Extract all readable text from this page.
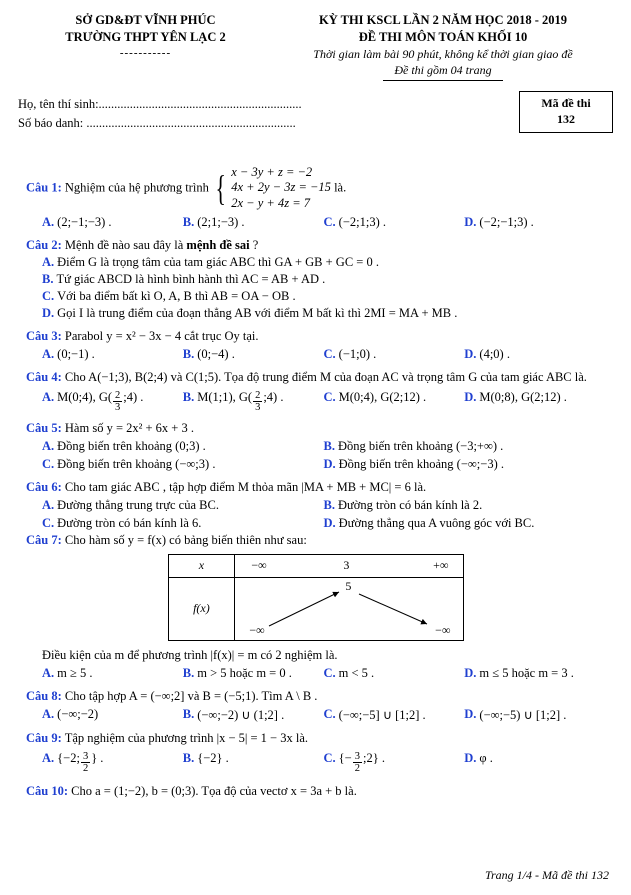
SỞ GD&ĐT VĨNH PHÚC
TRƯỜNG THPT YÊN LẠC 2
-----------
KỲ THI KSCL LẦN 2 NĂM HỌC 2018 - 2019
ĐỀ THI MÔN TOÁN KHỐI 10
Thời gian làm bài 90 phút, không kể thời gian giao đề
Đề thi gồm 04 trang
Họ, tên thí sinh:.................................................................
Số báo danh: ...................................................................
Mã đề thi
132
Câu 1: Nghiệm của hệ phương trình { x − 3y + z = −2
4x + 2y − 3z = −15
2x − y + 4z = 7
là.
A. (2;−1;−3) .	B. (2;1;−3) .	C. (−2;1;3) .	D. (−2;−1;3) .
Câu 2: Mệnh đề nào sau đây là mệnh đề sai ?
A. Điểm G là trọng tâm của tam giác ABC thì GA + GB + GC = 0 .
B. Tứ giác ABCD là hình bình hành thì AC = AB + AD .
C. Với ba điểm bất kì O, A, B thì AB = OA − OB .
D. Gọi I là trung điểm của đoạn thẳng AB với điểm M bất kì thì 2MI = MA + MB .
Câu 3: Parabol y = x² − 3x − 4 cắt trục Oy tại.
A. (0;−1) .	B. (0;−4) .	C. (−1;0) .	D. (4;0) .
Câu 4: Cho A(−1;3), B(2;4) và C(1;5). Tọa độ trung điểm M của đoạn AC và trọng tâm G của tam giác ABC là.
A. M(0;4), $G( \frac{2}{3}$ ;4) .	B. M(1;1), $G( \frac{2}{3}$ ;4) .	C. M(0;4), G(2;12) .	D. M(0;8), G(2;12) .
Câu 5: Hàm số y = 2x² + 6x + 3 .
A. Đồng biến trên khoảng (0;3) .	B. Đồng biến trên khoảng (−3;+∞) .
C. Đồng biến trên khoảng (−∞;3) .	D. Đồng biến trên khoảng (−∞;−3) .
Câu 6: Cho tam giác ABC , tập hợp điểm M thỏa mãn |MA + MB + MC| = 6 là.
A. Đường thẳng trung trực của BC.	B. Đường tròn có bán kính là 2.
C. Đường tròn có bán kính là 6.	D. Đường thẳng qua A vuông góc với BC.
Câu 7: Cho hàm số y = f(x) có bảng biến thiên như sau:
x	−∞ 3 +∞

f(x)	−∞
5
−∞
Điều kiện của m để phương trình |f(x)| = m có 2 nghiệm là.
A. m ≥ 5 .	B. m > 5 hoặc m = 0 .	C. m < 5 .	D. m ≤ 5 hoặc m = 3 .
Câu 8: Cho tập hợp A = (−∞;2] và B = (−5;1). Tìm A \ B .
A. (−∞;−2)	B. (−∞;−2) ∪ (1;2] .	C. (−∞;−5] ∪ [1;2] .	D. (−∞;−5) ∪ [1;2] .
Câu 9: Tập nghiệm của phương trình |x − 5| = 1 − 3x là.
A. {−2; $\frac{3}{2}$ } .	B. {−2} .	C. {− $\frac{3}{2}$ ;2} .	D. φ .
Câu 10: Cho a = (1;−2), b = (0;3). Tọa độ của vectơ x = 3a + b là.
Trang 1/4 - Mã đề thi 132
